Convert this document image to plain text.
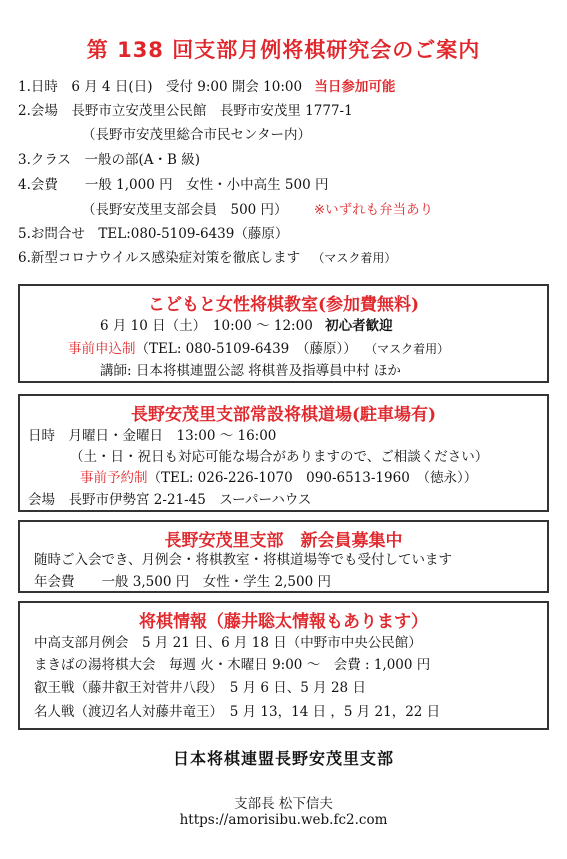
第 138 回支部月例将棋研究会のご案内
1.日時　6 月 4 日(日)　受付 9:00 開会 10:00 当日参加可能
2.会場　長野市立安茂里公民館　長野市安茂里 1777-1
（長野市安茂里総合市民センター内）
3.クラス　一般の部(A・B 級)
4.会費　　一般 1,000 円　女性・小中高生 500 円
（長野安茂里支部会員　500 円） ※いずれも弁当あり
5.お問合せ　TEL:080-5109-6439（藤原）
6.新型コロナウイルス感染症対策を徹底します （マスク着用）
こどもと女性将棋教室(参加費無料)
6 月 10 日（土）　10:00 ～ 12:00 初心者歓迎
事前申込制（TEL: 080-5109-6439　（藤原）） （マスク着用）
講師: 日本将棋連盟公認 将棋普及指導員中村 ほか
長野安茂里支部常設将棋道場(駐車場有)
日時　月曜日・金曜日　13:00 ～ 16:00
（土・日・祝日も対応可能な場合がありますので、ご相談ください）
事前予約制（TEL: 026-226-1070　090-6513-1960　（徳永））
会場　長野市伊勢宮 2-21-45　スーパーハウス
長野安茂里支部　新会員募集中
随時ご入会でき、月例会・将棋教室・将棋道場等でも受付しています
年会費　　一般 3,500 円　女性・学生 2,500 円
将棋情報（藤井聡太情報もあります）
中高支部月例会　5 月 21 日、6 月 18 日（中野市中央公民館）
まきばの湯将棋大会　毎週 火・木曜日 9:00 ～　会費 : 1,000 円
叡王戦（藤井叡王対菅井八段）　5 月 6 日、5 月 28 日
名人戦（渡辺名人対藤井竜王）　5 月 13，14 日 ，5 月 21，22 日
日本将棋連盟長野安茂里支部
支部長 松下信夫
https://amorisibu.web.fc2.com
